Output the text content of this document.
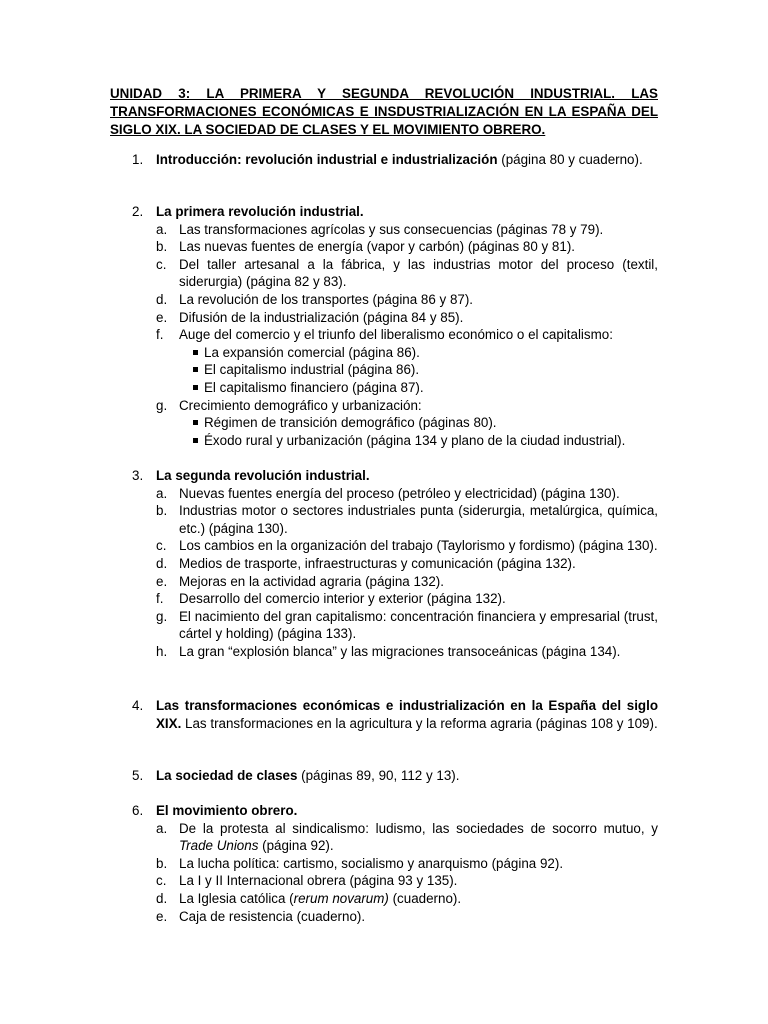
UNIDAD 3: LA PRIMERA Y SEGUNDA REVOLUCIÓN INDUSTRIAL. LAS TRANSFORMACIONES ECONÓMICAS E INSDUSTRIALIZACIÓN EN LA ESPAÑA DEL SIGLO XIX. LA SOCIEDAD DE CLASES Y EL MOVIMIENTO OBRERO.
1. Introducción: revolución industrial e industrialización (página 80 y cuaderno).
2. La primera revolución industrial.
a. Las transformaciones agrícolas y sus consecuencias (páginas 78 y 79).
b. Las nuevas fuentes de energía (vapor y carbón) (páginas 80 y 81).
c. Del taller artesanal a la fábrica, y las industrias motor del proceso (textil, siderurgia) (página 82 y 83).
d. La revolución de los transportes (página 86 y 87).
e. Difusión de la industrialización (página 84 y 85).
f. Auge del comercio y el triunfo del liberalismo económico o el capitalismo:
La expansión comercial (página 86).
El capitalismo industrial (página 86).
El capitalismo financiero (página 87).
g. Crecimiento demográfico y urbanización:
Régimen de transición demográfico (páginas 80).
Éxodo rural y urbanización (página 134 y plano de la ciudad industrial).
3. La segunda revolución industrial.
a. Nuevas fuentes energía del proceso (petróleo y electricidad) (página 130).
b. Industrias motor o sectores industriales punta (siderurgia, metalúrgica, química, etc.) (página 130).
c. Los cambios en la organización del trabajo (Taylorismo y fordismo) (página 130).
d. Medios de trasporte, infraestructuras y comunicación (página 132).
e. Mejoras en la actividad agraria (página 132).
f. Desarrollo del comercio interior y exterior (página 132).
g. El nacimiento del gran capitalismo: concentración financiera y empresarial (trust, cártel y holding) (página 133).
h. La gran “explosión blanca” y las migraciones transoceánicas (página 134).
4. Las transformaciones económicas e industrialización en la España del siglo XIX. Las transformaciones en la agricultura y la reforma agraria (páginas 108 y 109).
5. La sociedad de clases (páginas 89, 90, 112 y 13).
6. El movimiento obrero.
a. De la protesta al sindicalismo: ludismo, las sociedades de socorro mutuo, y Trade Unions (página 92).
b. La lucha política: cartismo, socialismo y anarquismo (página 92).
c. La I y II Internacional obrera (página 93 y 135).
d. La Iglesia católica (rerum novarum) (cuaderno).
e. Caja de resistencia (cuaderno).
